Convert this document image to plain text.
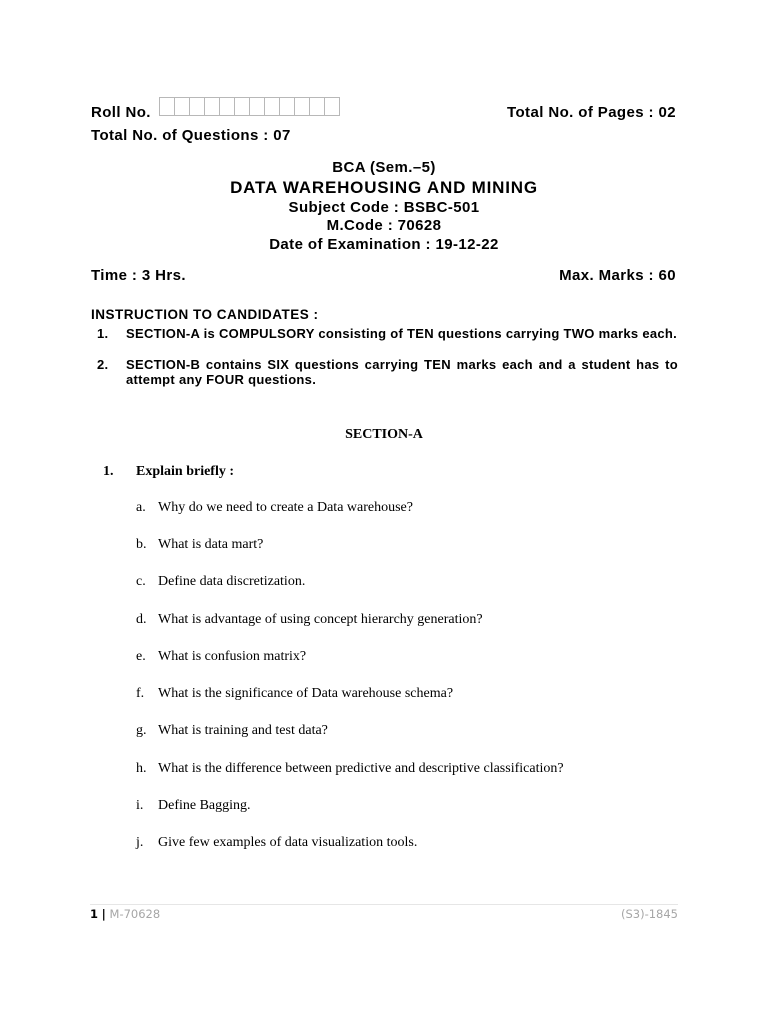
Roll No.	Total No. of Pages : 02
Total No. of Questions : 07
BCA (Sem.–5)
DATA WAREHOUSING AND MINING
Subject Code : BSBC-501
M.Code : 70628
Date of Examination : 19-12-22
Time : 3 Hrs.	Max. Marks : 60
INSTRUCTION TO CANDIDATES :
1. SECTION-A is COMPULSORY consisting of TEN questions carrying TWO marks each.
2. SECTION-B contains SIX questions carrying TEN marks each and a student has to attempt any FOUR questions.
SECTION-A
1. Explain briefly :
a. Why do we need to create a Data warehouse?
b. What is data mart?
c. Define data discretization.
d. What is advantage of using concept hierarchy generation?
e. What is confusion matrix?
f. What is the significance of Data warehouse schema?
g. What is training and test data?
h. What is the difference between predictive and descriptive classification?
i. Define Bagging.
j. Give few examples of data visualization tools.
1 | M-70628	(S3)-1845
